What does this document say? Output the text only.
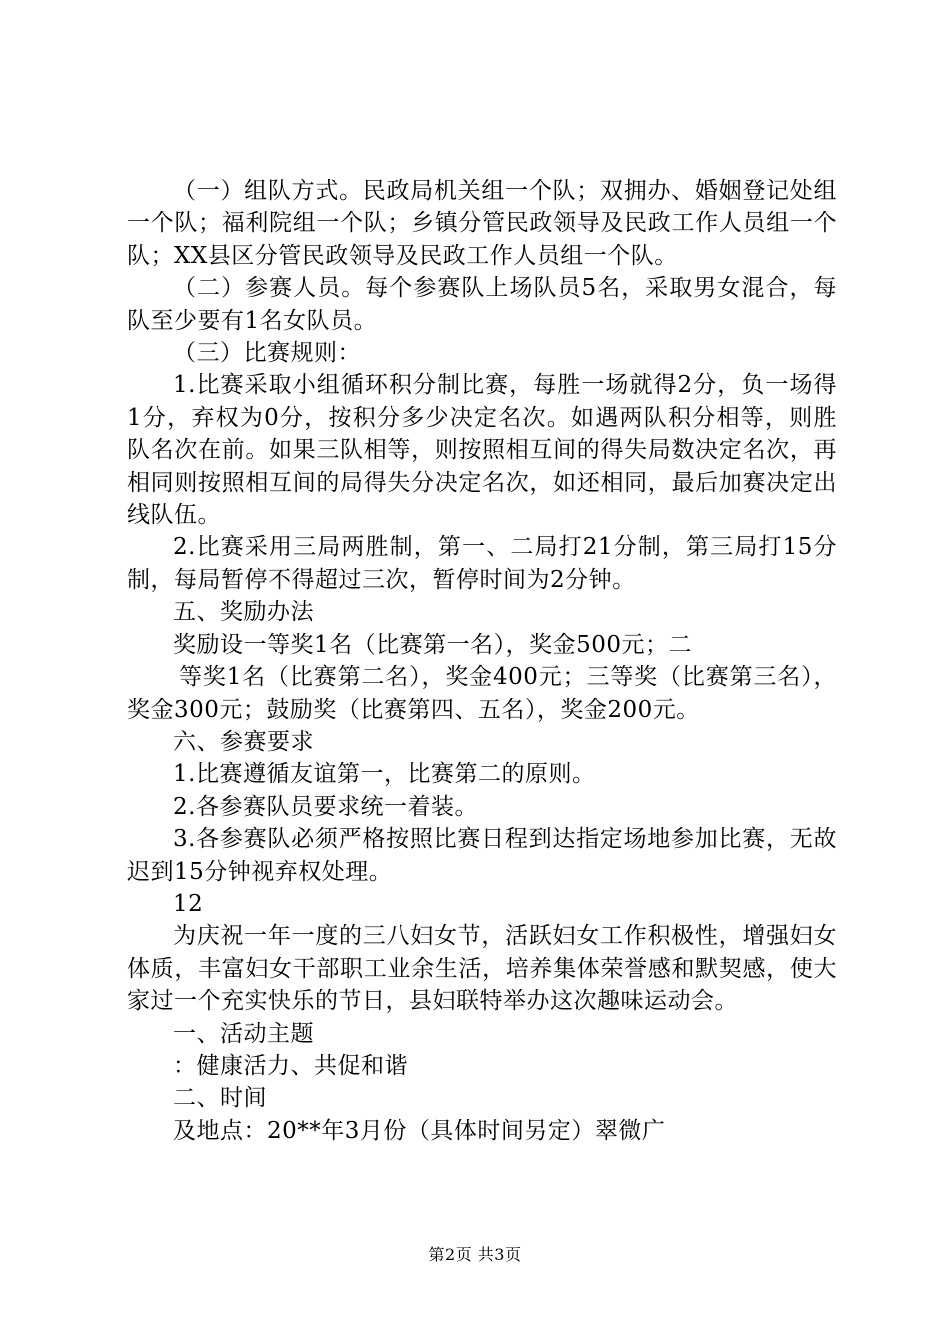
（一）组队方式。民政局机关组一个队；双拥办、婚姻登记处组一个队；福利院组一个队；乡镇分管民政领导及民政工作人员组一个队；XX县区分管民政领导及民政工作人员组一个队。

（二）参赛人员。每个参赛队上场队员5名，采取男女混合，每队至少要有1名女队员。

（三）比赛规则：

1.比赛采取小组循环积分制比赛，每胜一场就得2分，负一场得1分，弃权为0分，按积分多少决定名次。如遇两队积分相等，则胜队名次在前。如果三队相等，则按照相互间的得失局数决定名次，再相同则按照相互间的局得失分决定名次，如还相同，最后加赛决定出线队伍。

2.比赛采用三局两胜制，第一、二局打21分制，第三局打15分制，每局暂停不得超过三次，暂停时间为2分钟。

五、奖励办法

奖励设一等奖1名（比赛第一名），奖金500元；二

等奖1名（比赛第二名），奖金400元；三等奖（比赛第三名），奖金300元；鼓励奖（比赛第四、五名），奖金200元。

六、参赛要求

1.比赛遵循友谊第一，比赛第二的原则。

2.各参赛队员要求统一着装。

3.各参赛队必须严格按照比赛日程到达指定场地参加比赛，无故迟到15分钟视弃权处理。

12

为庆祝一年一度的三八妇女节，活跃妇女工作积极性，增强妇女体质，丰富妇女干部职工业余生活，培养集体荣誉感和默契感，使大家过一个充实快乐的节日，县妇联特举办这次趣味运动会。

一、活动主题

：健康活力、共促和谐

二、时间

及地点：20**年3月份（具体时间另定）翠微广

第2页 共3页
